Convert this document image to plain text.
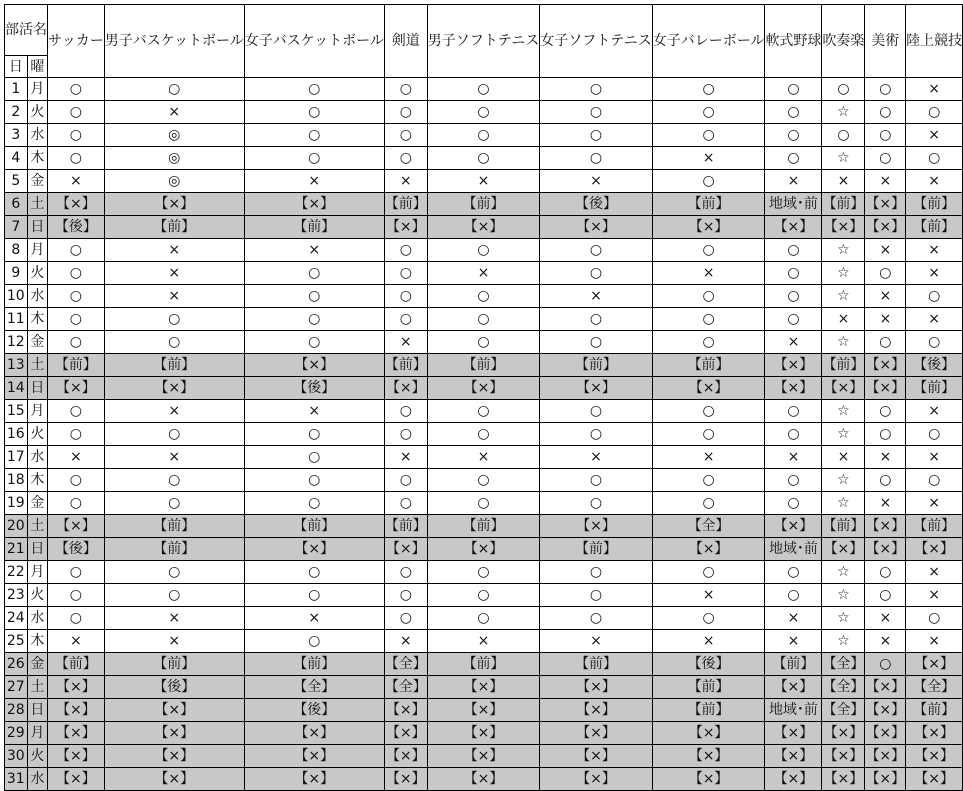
部活名		サッカー	男子バスケットボール	女子バスケットボール	剣道	男子ソフトテニス	女子ソフトテニス	女子バレーボール	軟式野球	吹奏楽	美術	陸上競技
日	曜											
1	月	○	○	○	○	○	○	○	○	○	○	×
2	火	○	×	○	○	○	○	○	○	☆	○	○
3	水	○	◎	○	○	○	○	○	○	○	○	×
4	木	○	◎	○	○	○	○	×	○	☆	○	○
5	金	×	◎	×	×	×	×	○	×	×	×	×
6	土	【×】	【×】	【×】	【前】	【前】	【後】	【前】	地域･前	【前】	【×】	【前】
7	日	【後】	【前】	【前】	【×】	【×】	【×】	【×】	【×】	【×】	【×】	【前】
8	月	○	×	×	○	○	○	○	○	☆	×	×
9	火	○	×	○	○	×	○	×	○	☆	○	×
10	水	○	×	○	○	○	×	○	○	☆	×	○
11	木	○	○	○	○	○	○	○	○	×	×	×
12	金	○	○	○	×	○	○	○	×	☆	○	○
13	土	【前】	【前】	【×】	【前】	【前】	【前】	【前】	【×】	【前】	【×】	【後】
14	日	【×】	【×】	【後】	【×】	【×】	【×】	【×】	【×】	【×】	【×】	【前】
15	月	○	×	×	○	○	○	○	○	☆	○	×
16	火	○	○	○	○	○	○	○	○	☆	○	○
17	水	×	×	○	×	×	×	×	×	×	×	×
18	木	○	○	○	○	○	○	○	○	☆	○	○
19	金	○	○	○	○	○	○	○	○	☆	×	×
20	土	【×】	【前】	【前】	【前】	【前】	【×】	【全】	【×】	【前】	【×】	【前】
21	日	【後】	【前】	【×】	【×】	【×】	【前】	【×】	地域･前	【×】	【×】	【×】
22	月	○	○	○	○	○	○	○	○	☆	○	×
23	火	○	○	○	○	○	○	×	○	☆	○	×
24	水	○	×	×	○	○	○	○	×	☆	×	○
25	木	×	×	○	×	×	×	×	×	☆	×	×
26	金	【前】	【前】	【前】	【全】	【前】	【前】	【後】	【前】	【全】	○	【×】
27	土	【×】	【後】	【全】	【全】	【×】	【×】	【前】	【×】	【全】	【×】	【全】
28	日	【×】	【×】	【後】	【×】	【×】	【×】	【前】	地域･前	【全】	【×】	【前】
29	月	【×】	【×】	【×】	【×】	【×】	【×】	【×】	【×】	【×】	【×】	【×】
30	火	【×】	【×】	【×】	【×】	【×】	【×】	【×】	【×】	【×】	【×】	【×】
31	水	【×】	【×】	【×】	【×】	【×】	【×】	【×】	【×】	【×】	【×】	【×】
